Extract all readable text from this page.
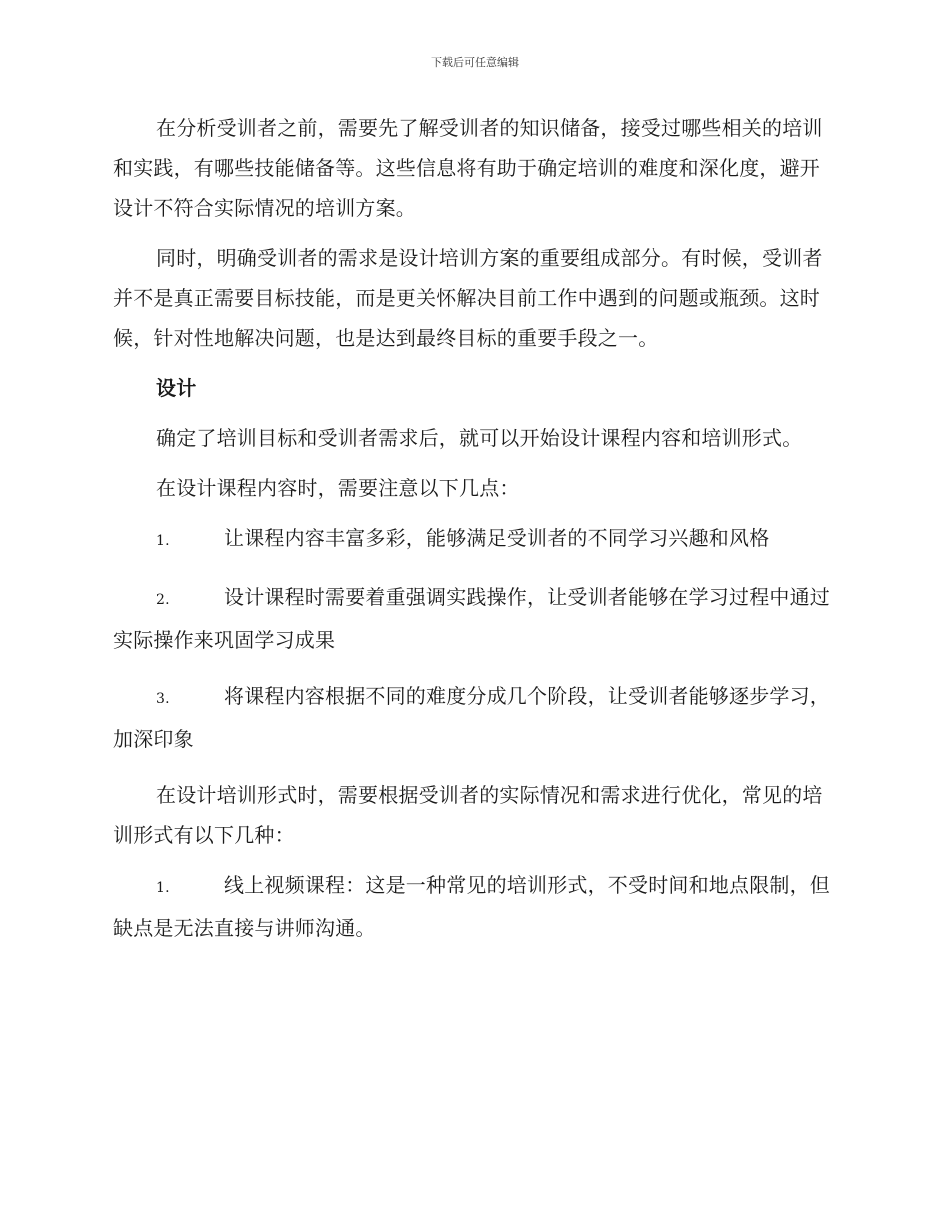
下载后可任意编辑

在分析受训者之前，需要先了解受训者的知识储备，接受过哪些相关的培训和实践，有哪些技能储备等。这些信息将有助于确定培训的难度和深化度，避开设计不符合实际情况的培训方案。

同时，明确受训者的需求是设计培训方案的重要组成部分。有时候，受训者并不是真正需要目标技能，而是更关怀解决目前工作中遇到的问题或瓶颈。这时候，针对性地解决问题，也是达到最终目标的重要手段之一。

设计

确定了培训目标和受训者需求后，就可以开始设计课程内容和培训形式。

在设计课程内容时，需要注意以下几点：

1.	让课程内容丰富多彩，能够满足受训者的不同学习兴趣和风格

2.	设计课程时需要着重强调实践操作，让受训者能够在学习过程中通过实际操作来巩固学习成果

3.	将课程内容根据不同的难度分成几个阶段，让受训者能够逐步学习，加深印象

在设计培训形式时，需要根据受训者的实际情况和需求进行优化，常见的培训形式有以下几种：

1.	线上视频课程：这是一种常见的培训形式，不受时间和地点限制，但缺点是无法直接与讲师沟通。
